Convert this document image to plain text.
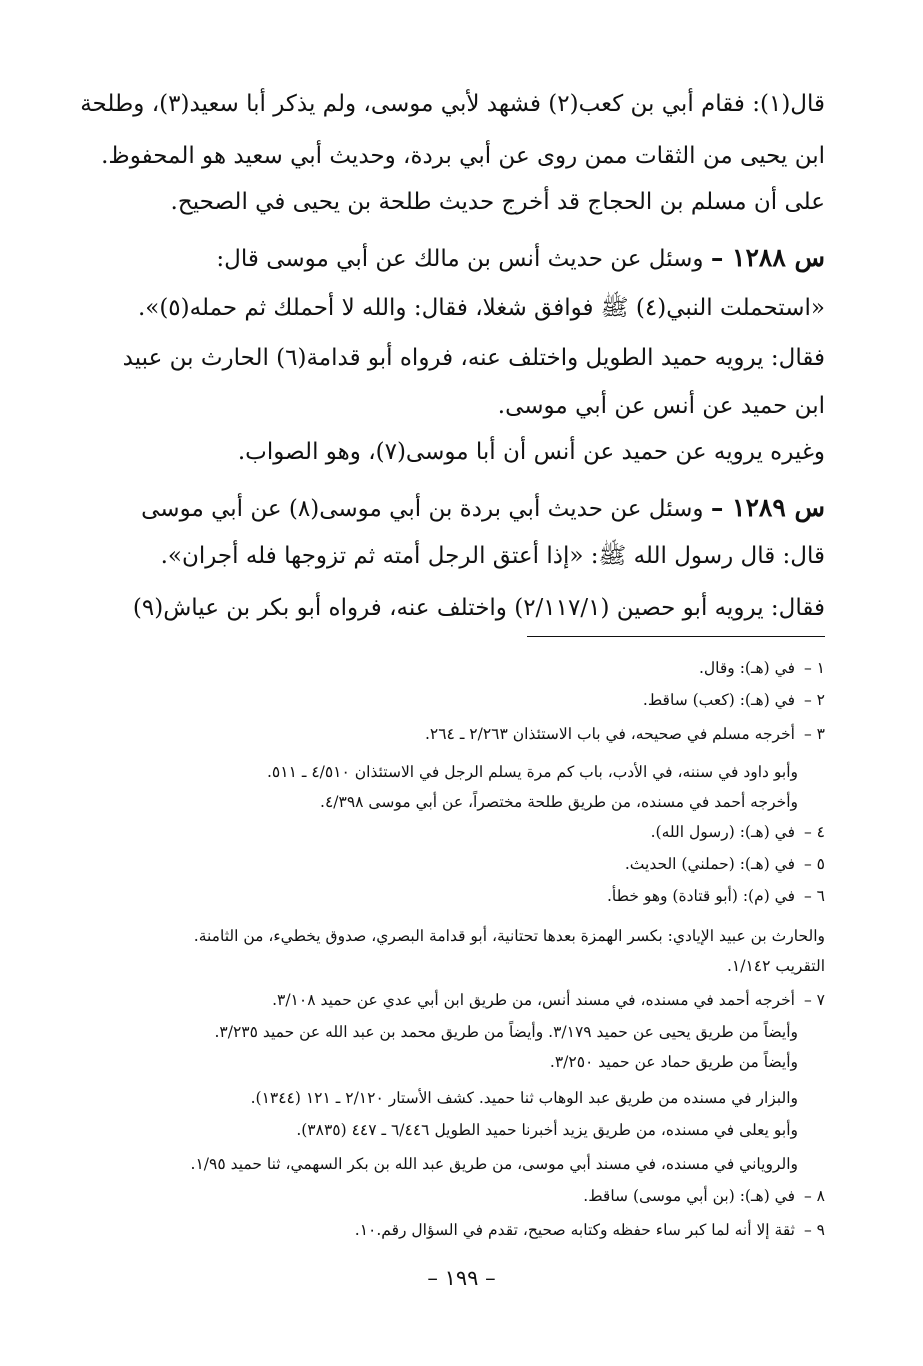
قال(١): فقام أبي بن كعب(٢) فشهد لأبي موسى، ولم يذكر أبا سعيد(٣)، وطلحة
ابن يحيى من الثقات ممن روى عن أبي بردة، وحديث أبي سعيد هو المحفوظ.
على أن مسلم بن الحجاج قد أخرج حديث طلحة بن يحيى في الصحيح.
س ١٢٨٨ – وسئل عن حديث أنس بن مالك عن أبي موسى قال:
«استحملت النبي(٤) ﷺ فوافق شغلا، فقال: والله لا أحملك ثم حمله(٥)».
فقال: يرويه حميد الطويل واختلف عنه، فرواه أبو قدامة(٦) الحارث بن عبيد
ابن حميد عن أنس عن أبي موسى.
وغيره يرويه عن حميد عن أنس أن أبا موسى(٧)، وهو الصواب.
س ١٢٨٩ – وسئل عن حديث أبي بردة بن أبي موسى(٨) عن أبي موسى
قال: قال رسول الله ﷺ: «إذا أعتق الرجل أمته ثم تزوجها فله أجران».
فقال: يرويه أبو حصين (٢/١١٧/١) واختلف عنه، فرواه أبو بكر بن عياش(٩)
١ –في (هـ): وقال.
٢ –في (هـ): (كعب) ساقط.
٣ –أخرجه مسلم في صحيحه، في باب الاستئذان ٢/٢٦٣ ـ ٢٦٤.
وأبو داود في سننه، في الأدب، باب كم مرة يسلم الرجل في الاستئذان ٤/٥١٠ ـ ٥١١.
وأخرجه أحمد في مسنده، من طريق طلحة مختصراً، عن أبي موسى ٤/٣٩٨.
٤ –في (هـ): (رسول الله).
٥ –في (هـ): (حملني) الحديث.
٦ –في (م): (أبو قتادة) وهو خطأ.
والحارث بن عبيد الإيادي: بكسر الهمزة بعدها تحتانية، أبو قدامة البصري، صدوق يخطيء، من الثامنة.
التقريب ١/١٤٢.
٧ –أخرجه أحمد في مسنده، في مسند أنس، من طريق ابن أبي عدي عن حميد ٣/١٠٨.
وأيضاً من طريق يحيى عن حميد ٣/١٧٩. وأيضاً من طريق محمد بن عبد الله عن حميد ٣/٢٣٥.
وأيضاً من طريق حماد عن حميد ٣/٢٥٠.
والبزار في مسنده من طريق عبد الوهاب ثنا حميد. كشف الأستار ٢/١٢٠ ـ ١٢١ (١٣٤٤).
وأبو يعلى في مسنده، من طريق يزيد أخبرنا حميد الطويل ٦/٤٤٦ ـ ٤٤٧ (٣٨٣٥).
والروياني في مسنده، في مسند أبي موسى، من طريق عبد الله بن بكر السهمي، ثنا حميد ١/٩٥.
٨ –في (هـ): (بن أبي موسى) ساقط.
٩ –ثقة إلا أنه لما كبر ساء حفظه وكتابه صحيح، تقدم في السؤال رقم.١٠.
– ١٩٩ –
